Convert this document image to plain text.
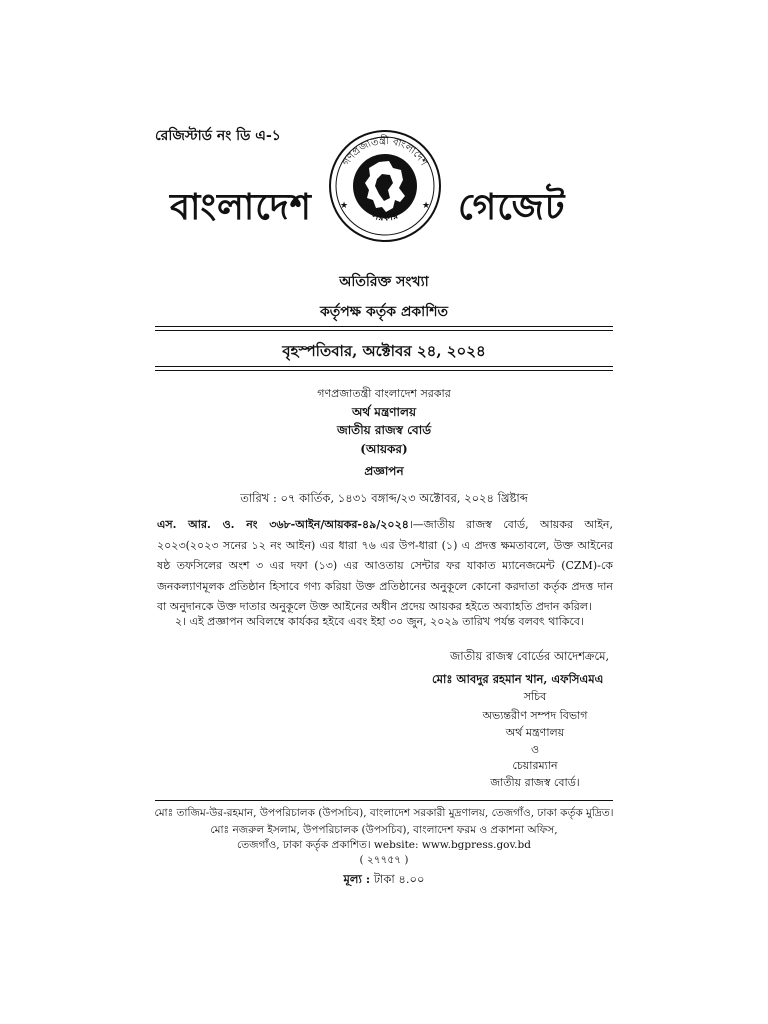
রেজিস্টার্ড নং ডি এ-১
বাংলাদেশ
গণপ্রজাতন্ত্রী বাংলাদেশ
সরকার
★	★ গেজেট
অতিরিক্ত সংখ্যা
কর্তৃপক্ষ কর্তৃক প্রকাশিত
বৃহস্পতিবার, অক্টোবর ২৪, ২০২৪
গণপ্রজাতন্ত্রী বাংলাদেশ সরকার
অর্থ মন্ত্রণালয়
জাতীয় রাজস্ব বোর্ড
(আয়কর)
প্রজ্ঞাপন
তারিখ : ০৭ কার্তিক, ১৪৩১ বঙ্গাব্দ/২৩ অক্টোবর, ২০২৪ খ্রিষ্টাব্দ
এস. আর. ও. নং ৩৬৮-আইন/আয়কর-৪৯/২০২৪।—জাতীয় রাজস্ব বোর্ড, আয়কর আইন, ২০২৩(২০২৩ সনের ১২ নং আইন) এর ধারা ৭৬ এর উপ-ধারা (১) এ প্রদত্ত ক্ষমতাবলে, উক্ত আইনের ষষ্ঠ তফসিলের অংশ ৩ এর দফা (১৩) এর আওতায় সেন্টার ফর যাকাত ম্যানেজমেন্ট (CZM)-কে জনকল্যাণমূলক প্রতিষ্ঠান হিসাবে গণ্য করিয়া উক্ত প্রতিষ্ঠানের অনুকূলে কোনো করদাতা কর্তৃক প্রদত্ত দান বা অনুদানকে উক্ত দাতার অনুকূলে উক্ত আইনের অধীন প্রদেয় আয়কর হইতে অব্যাহতি প্রদান করিল।
২। এই প্রজ্ঞাপন অবিলম্বে কার্যকর হইবে এবং ইহা ৩০ জুন, ২০২৯ তারিখ পর্যন্ত বলবৎ থাকিবে।
জাতীয় রাজস্ব বোর্ডের আদেশক্রমে,
মোঃ আবদুর রহমান খান, এফসিএমএ
সচিব
অভ্যন্তরীণ সম্পদ বিভাগ
অর্থ মন্ত্রণালয়
ও
চেয়ারম্যান
জাতীয় রাজস্ব বোর্ড।
মোঃ তাজিম-উর-রহমান, উপপরিচালক (উপসচিব), বাংলাদেশ সরকারী মুদ্রণালয়, তেজগাঁও, ঢাকা কর্তৃক মুদ্রিত।
মোঃ নজরুল ইসলাম, উপপরিচালক (উপসচিব), বাংলাদেশ ফরম ও প্রকাশনা অফিস,
তেজগাঁও, ঢাকা কর্তৃক প্রকাশিত। website: www.bgpress.gov.bd
( ২৭৭৫৭ )
মূল্য : টাকা ৪.০০
